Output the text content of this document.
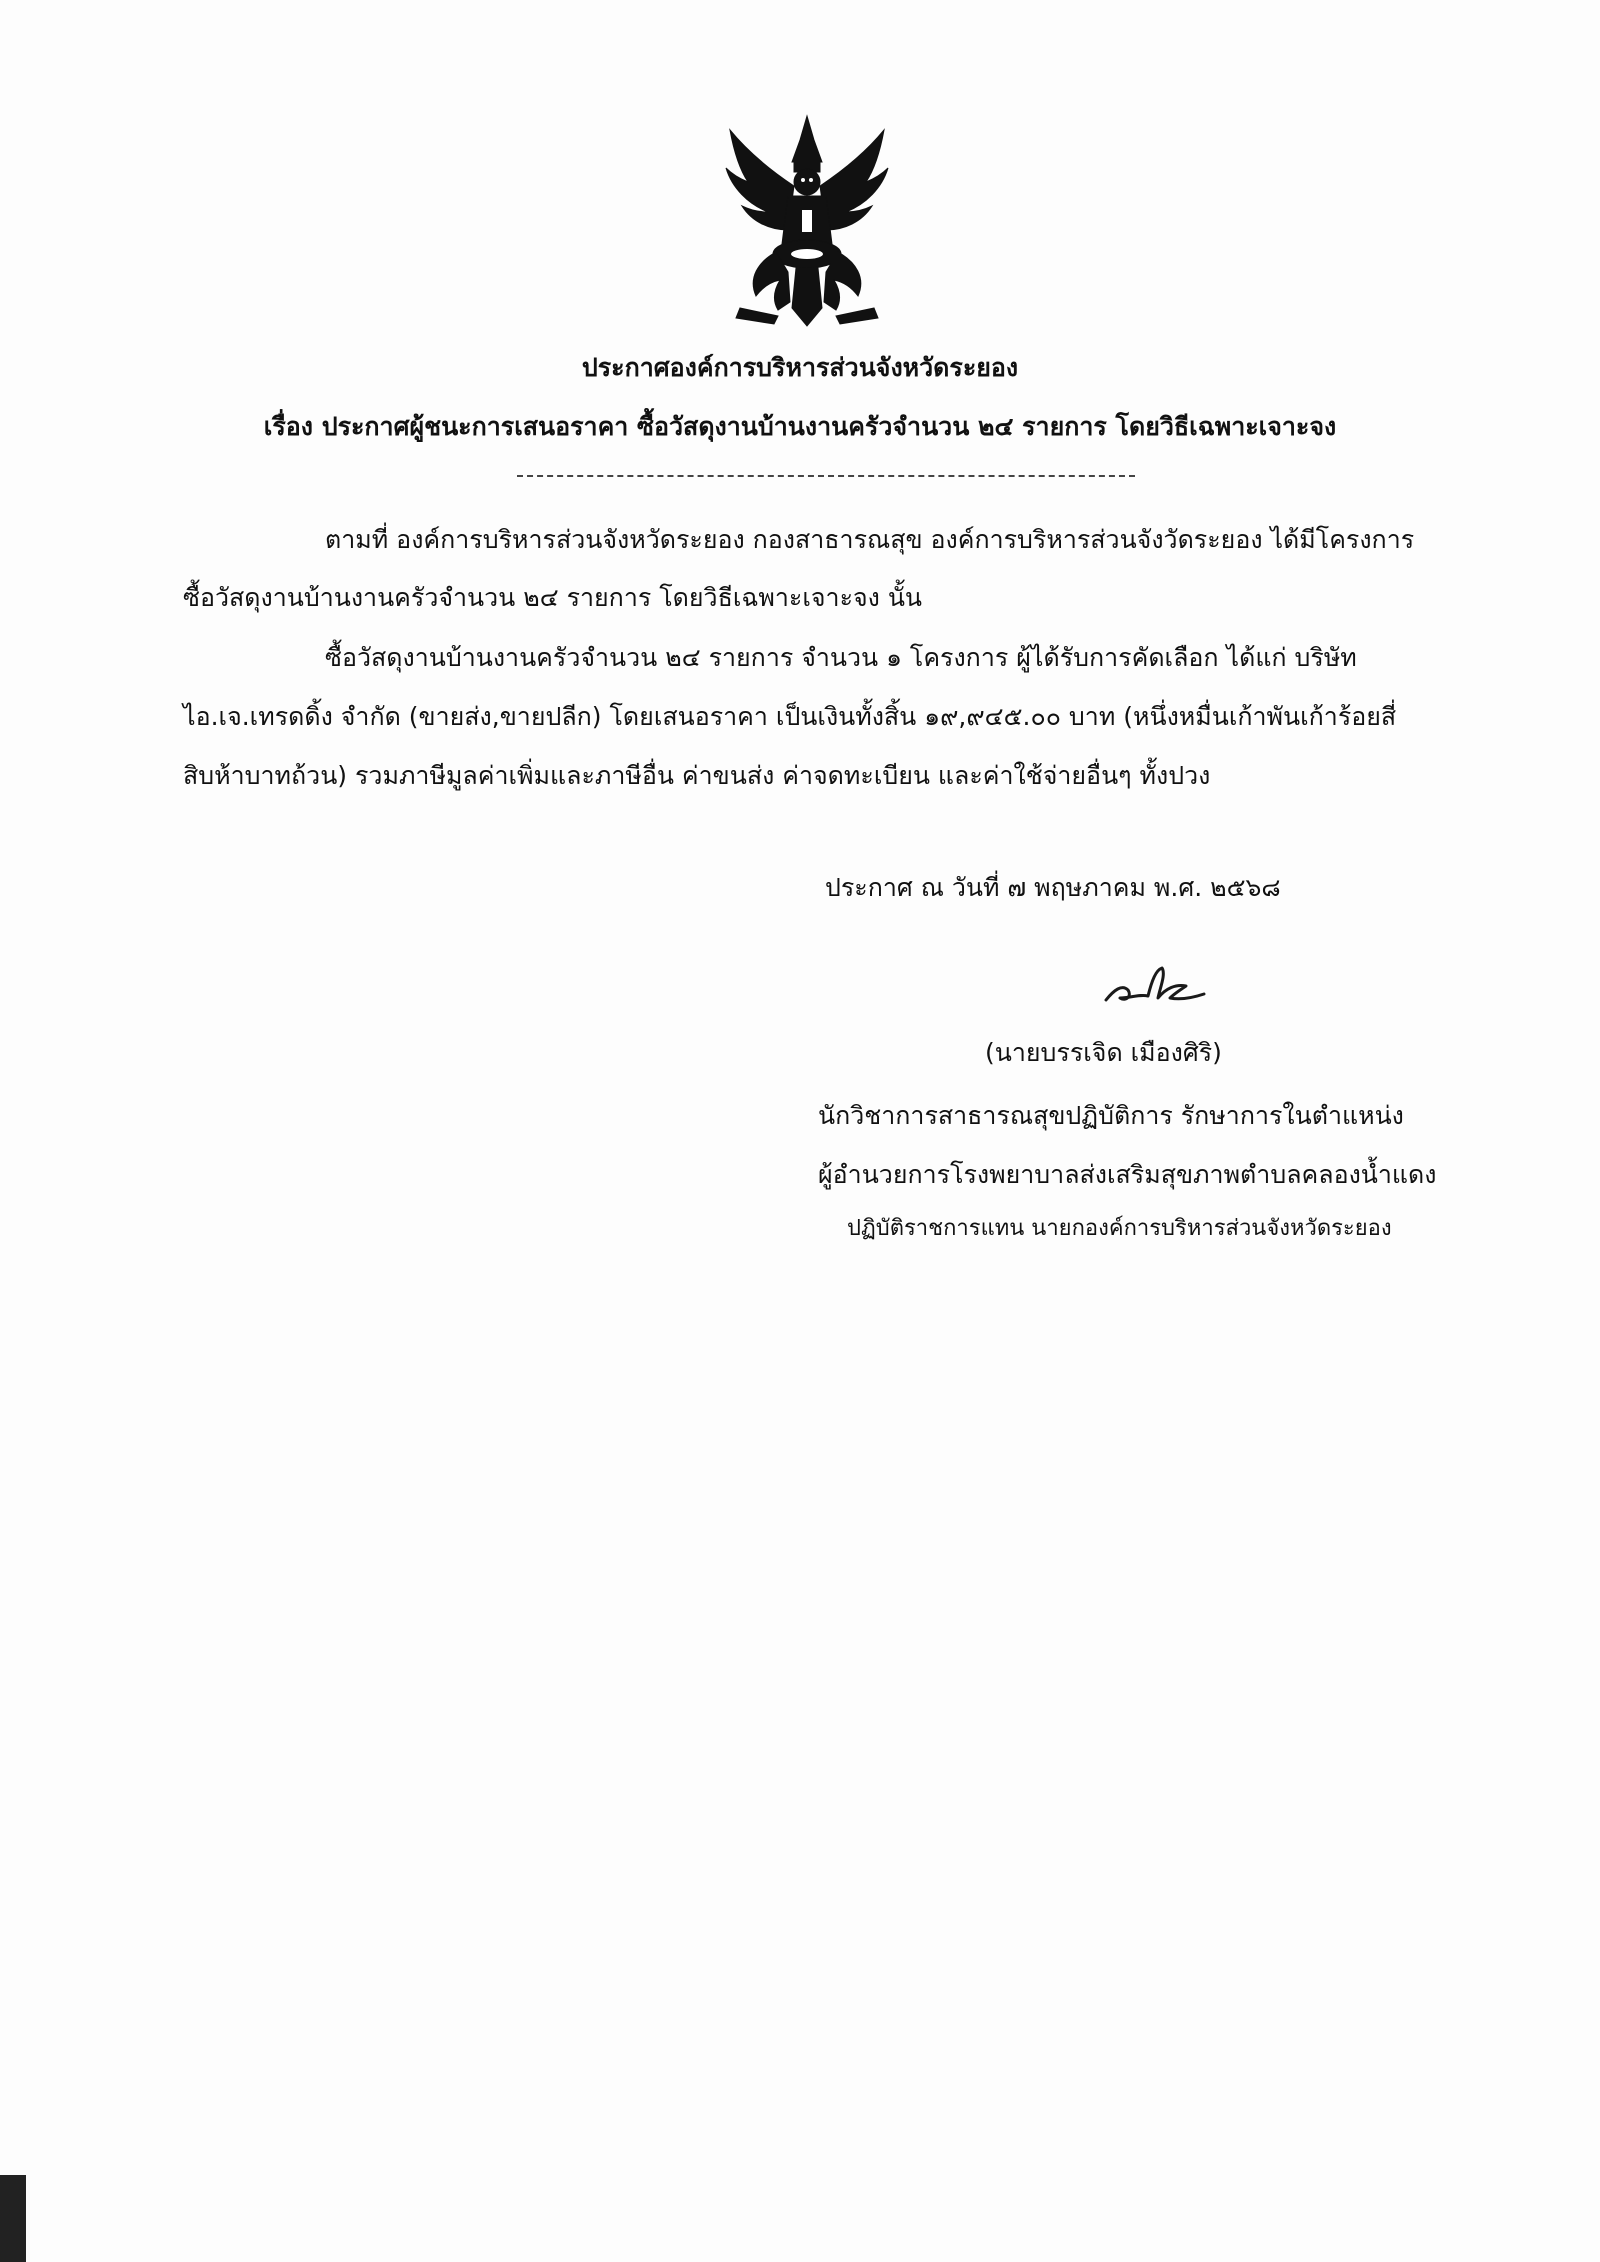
ประกาศองค์การบริหารส่วนจังหวัดระยอง
เรื่อง ประกาศผู้ชนะการเสนอราคา ซื้อวัสดุงานบ้านงานครัวจำนวน ๒๔ รายการ โดยวิธีเฉพาะเจาะจง
ตามที่ องค์การบริหารส่วนจังหวัดระยอง กองสาธารณสุข องค์การบริหารส่วนจังวัดระยอง ได้มีโครงการ
ซื้อวัสดุงานบ้านงานครัวจำนวน ๒๔ รายการ โดยวิธีเฉพาะเจาะจง นั้น
ซื้อวัสดุงานบ้านงานครัวจำนวน ๒๔ รายการ จำนวน ๑ โครงการ ผู้ได้รับการคัดเลือก ได้แก่ บริษัท
ไอ.เจ.เทรดดิ้ง จำกัด (ขายส่ง,ขายปลีก) โดยเสนอราคา เป็นเงินทั้งสิ้น ๑๙,๙๔๕.๐๐ บาท (หนึ่งหมื่นเก้าพันเก้าร้อยสี่
สิบห้าบาทถ้วน) รวมภาษีมูลค่าเพิ่มและภาษีอื่น ค่าขนส่ง ค่าจดทะเบียน และค่าใช้จ่ายอื่นๆ ทั้งปวง
ประกาศ ณ วันที่ ๗ พฤษภาคม พ.ศ. ๒๕๖๘
(นายบรรเจิด เมืองศิริ)
นักวิชาการสาธารณสุขปฏิบัติการ รักษาการในตำแหน่ง
ผู้อำนวยการโรงพยาบาลส่งเสริมสุขภาพตำบลคลองน้ำแดง
ปฏิบัติราชการแทน นายกองค์การบริหารส่วนจังหวัดระยอง
